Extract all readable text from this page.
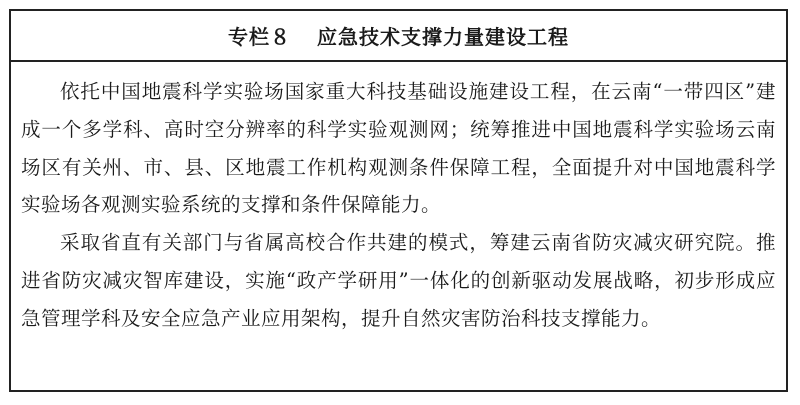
专栏８ 应急技术支撑力量建设工程

依托中国地震科学实验场国家重大科技基础设施建设工程，在云南“一带四区”建成一个多学科、高时空分辨率的科学实验观测网；统筹推进中国地震科学实验场云南场区有关州、市、县、区地震工作机构观测条件保障工程，全面提升对中国地震科学实验场各观测实验系统的支撑和条件保障能力。

采取省直有关部门与省属高校合作共建的模式，筹建云南省防灾减灾研究院。推进省防灾减灾智库建设，实施“政产学研用”一体化的创新驱动发展战略，初步形成应急管理学科及安全应急产业应用架构，提升自然灾害防治科技支撑能力。
